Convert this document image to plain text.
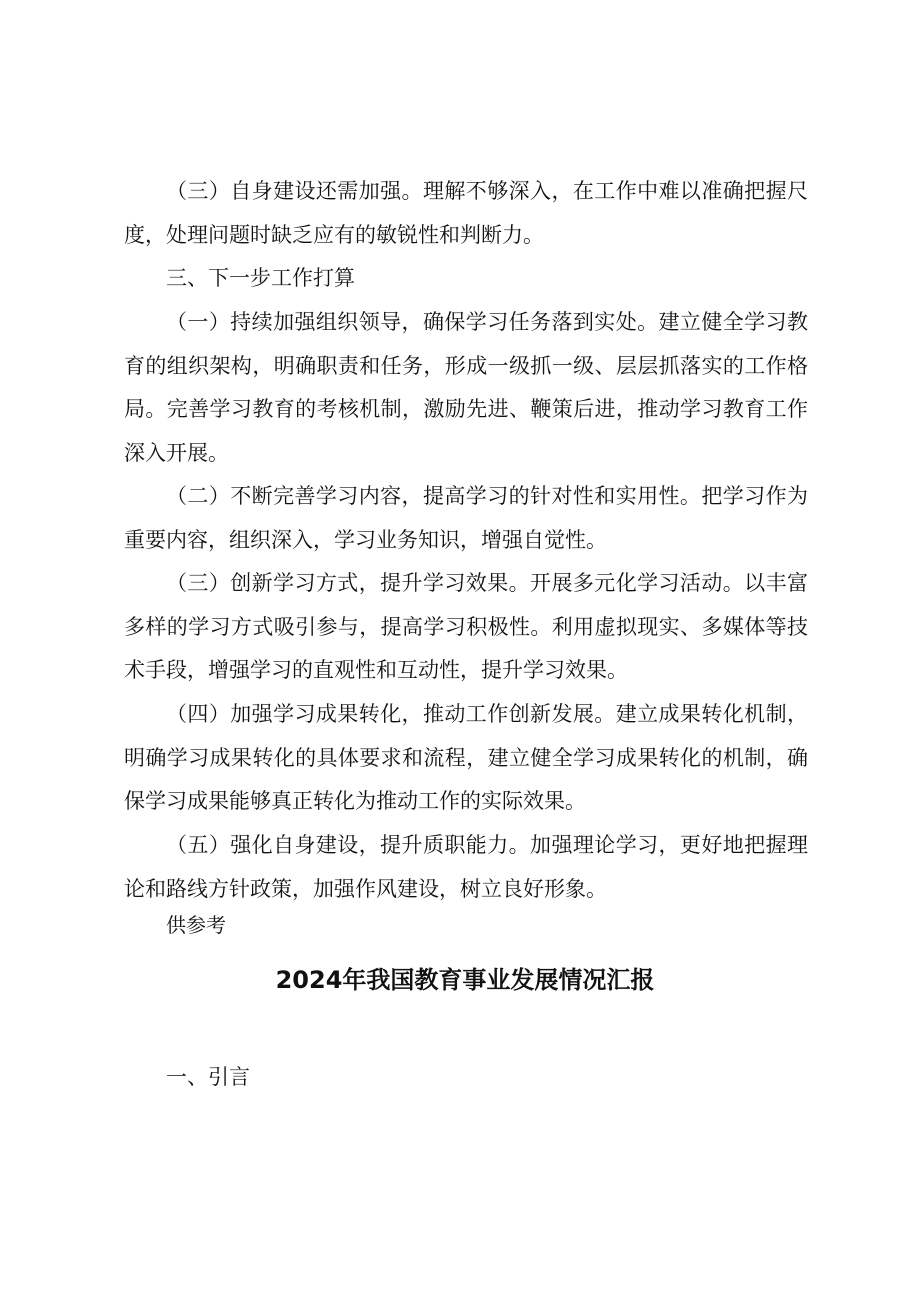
（三）自身建设还需加强。理解不够深入，在工作中难以准确把握尺度，处理问题时缺乏应有的敏锐性和判断力。

三、下一步工作打算

（一）持续加强组织领导，确保学习任务落到实处。建立健全学习教育的组织架构，明确职责和任务，形成一级抓一级、层层抓落实的工作格局。完善学习教育的考核机制，激励先进、鞭策后进，推动学习教育工作深入开展。

（二）不断完善学习内容，提高学习的针对性和实用性。把学习作为重要内容，组织深入，学习业务知识，增强自觉性。

（三）创新学习方式，提升学习效果。开展多元化学习活动。以丰富多样的学习方式吸引参与，提高学习积极性。利用虚拟现实、多媒体等技术手段，增强学习的直观性和互动性，提升学习效果。

（四）加强学习成果转化，推动工作创新发展。建立成果转化机制，明确学习成果转化的具体要求和流程，建立健全学习成果转化的机制，确保学习成果能够真正转化为推动工作的实际效果。

（五）强化自身建设，提升质职能力。加强理论学习，更好地把握理论和路线方针政策，加强作风建设，树立良好形象。

供参考

2024年我国教育事业发展情况汇报

一、引言
